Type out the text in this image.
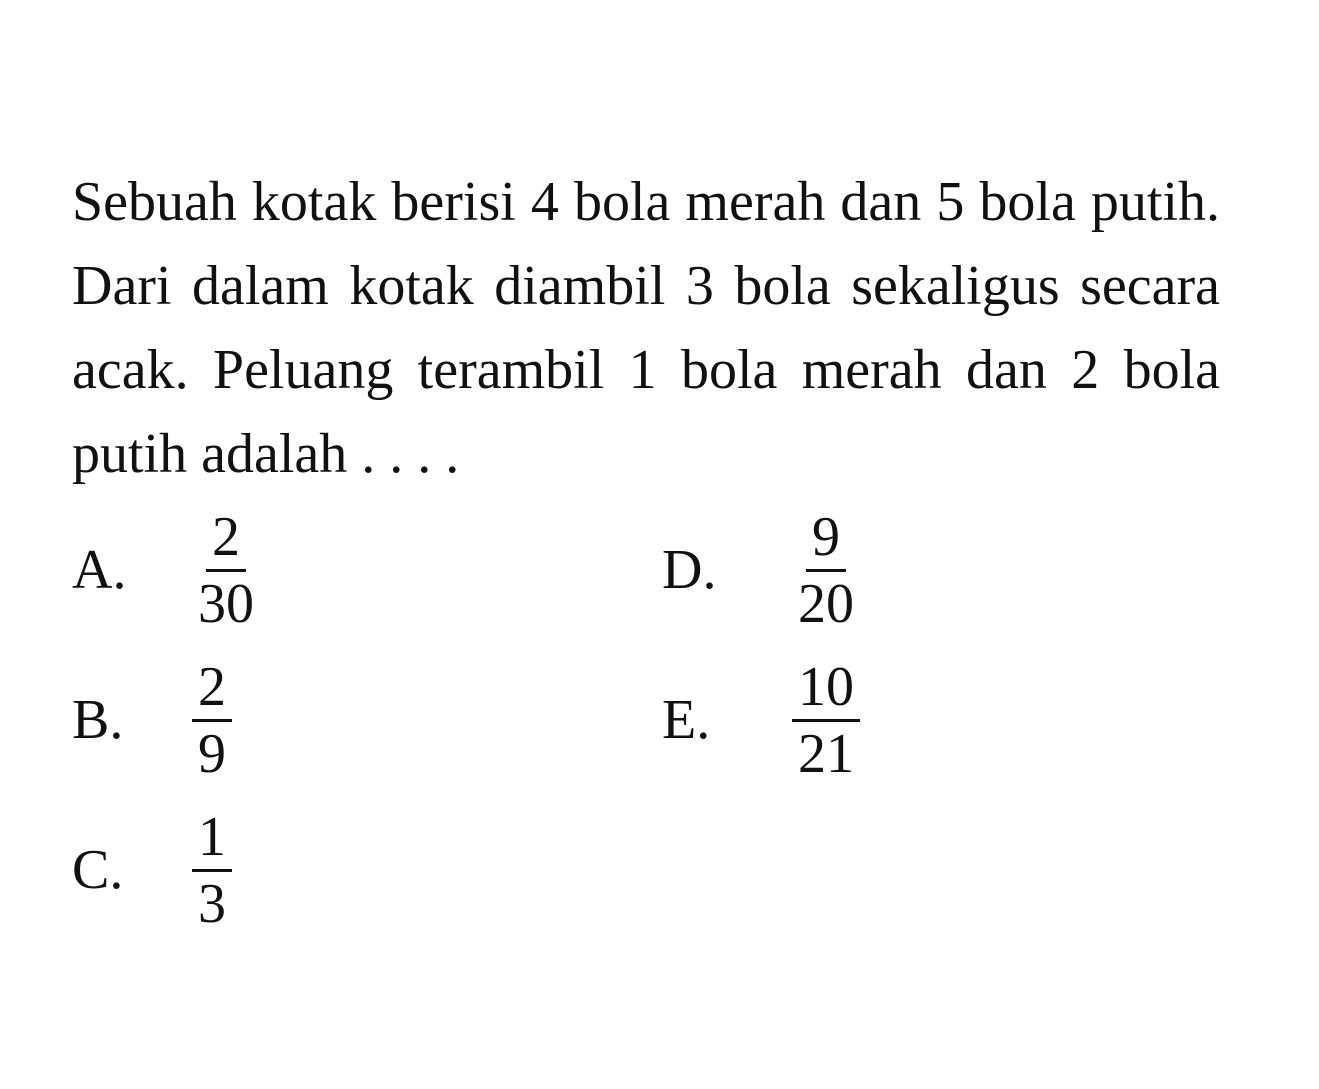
Sebuah kotak berisi 4 bola merah dan 5 bola putih. Dari dalam kotak diambil 3 bola sekaligus secara acak. Peluang terambil 1 bola merah dan 2 bola putih adalah . . . .
A.	$\frac{2}{30}$
B.	$\frac{2}{9}$
C.	$\frac{1}{3}$
D.	$\frac{9}{20}$
E.	$\frac{10}{21}$
